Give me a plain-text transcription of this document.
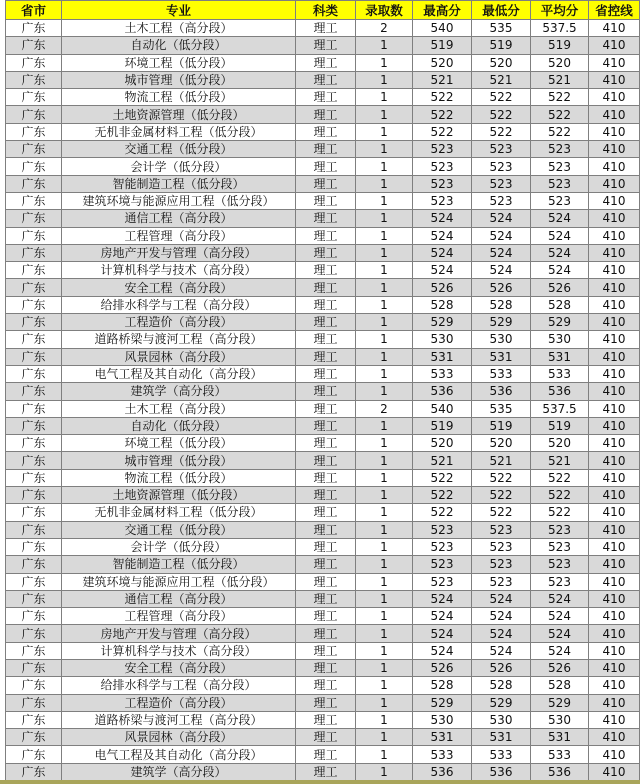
省市	专业	科类	录取数	最高分	最低分	平均分	省控线
广东	土木工程（高分段）	理工	2	540	535	537.5	410
广东	自动化（低分段）	理工	1	519	519	519	410
广东	环境工程（低分段）	理工	1	520	520	520	410
广东	城市管理（低分段）	理工	1	521	521	521	410
广东	物流工程（低分段）	理工	1	522	522	522	410
广东	土地资源管理（低分段）	理工	1	522	522	522	410
广东	无机非金属材料工程（低分段）	理工	1	522	522	522	410
广东	交通工程（低分段）	理工	1	523	523	523	410
广东	会计学（低分段）	理工	1	523	523	523	410
广东	智能制造工程（低分段）	理工	1	523	523	523	410
广东	建筑环境与能源应用工程（低分段）	理工	1	523	523	523	410
广东	通信工程（高分段）	理工	1	524	524	524	410
广东	工程管理（高分段）	理工	1	524	524	524	410
广东	房地产开发与管理（高分段）	理工	1	524	524	524	410
广东	计算机科学与技术（高分段）	理工	1	524	524	524	410
广东	安全工程（高分段）	理工	1	526	526	526	410
广东	给排水科学与工程（高分段）	理工	1	528	528	528	410
广东	工程造价（高分段）	理工	1	529	529	529	410
广东	道路桥梁与渡河工程（高分段）	理工	1	530	530	530	410
广东	风景园林（高分段）	理工	1	531	531	531	410
广东	电气工程及其自动化（高分段）	理工	1	533	533	533	410
广东	建筑学（高分段）	理工	1	536	536	536	410
广东	土木工程（高分段）	理工	2	540	535	537.5	410
广东	自动化（低分段）	理工	1	519	519	519	410
广东	环境工程（低分段）	理工	1	520	520	520	410
广东	城市管理（低分段）	理工	1	521	521	521	410
广东	物流工程（低分段）	理工	1	522	522	522	410
广东	土地资源管理（低分段）	理工	1	522	522	522	410
广东	无机非金属材料工程（低分段）	理工	1	522	522	522	410
广东	交通工程（低分段）	理工	1	523	523	523	410
广东	会计学（低分段）	理工	1	523	523	523	410
广东	智能制造工程（低分段）	理工	1	523	523	523	410
广东	建筑环境与能源应用工程（低分段）	理工	1	523	523	523	410
广东	通信工程（高分段）	理工	1	524	524	524	410
广东	工程管理（高分段）	理工	1	524	524	524	410
广东	房地产开发与管理（高分段）	理工	1	524	524	524	410
广东	计算机科学与技术（高分段）	理工	1	524	524	524	410
广东	安全工程（高分段）	理工	1	526	526	526	410
广东	给排水科学与工程（高分段）	理工	1	528	528	528	410
广东	工程造价（高分段）	理工	1	529	529	529	410
广东	道路桥梁与渡河工程（高分段）	理工	1	530	530	530	410
广东	风景园林（高分段）	理工	1	531	531	531	410
广东	电气工程及其自动化（高分段）	理工	1	533	533	533	410
广东	建筑学（高分段）	理工	1	536	536	536	410
